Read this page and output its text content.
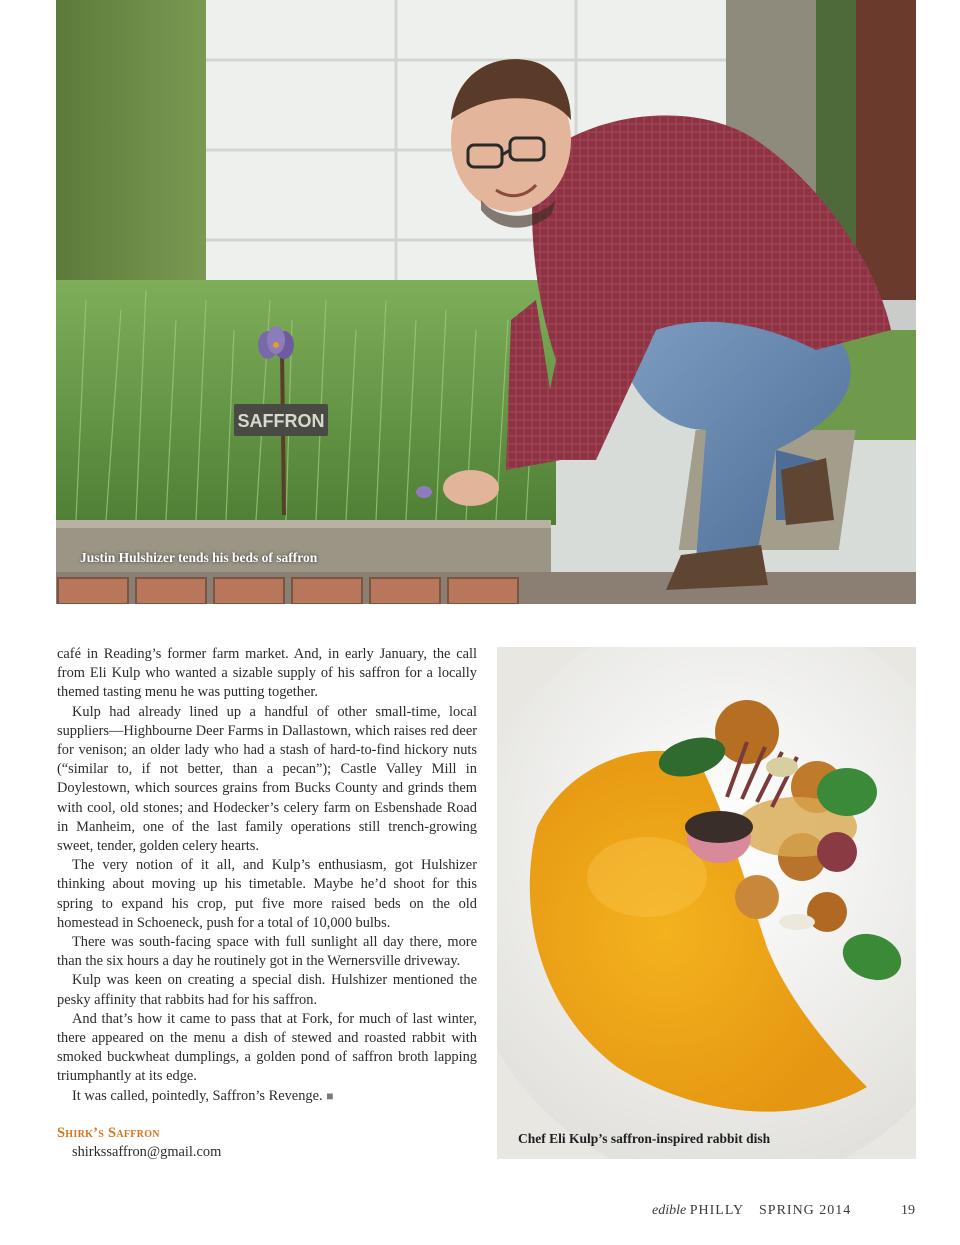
SAFFRON
Justin Hulshizer tends his beds of saffron

café in Reading’s former farm market. And, in early January, the call from Eli Kulp who wanted a sizable supply of his saffron for a locally themed tasting menu he was putting together.

Kulp had already lined up a handful of other small-time, local suppliers—Highbourne Deer Farms in Dallastown, which raises red deer for venison; an older lady who had a stash of hard-to-find hickory nuts (“similar to, if not better, than a pecan”); Castle Valley Mill in Doylestown, which sources grains from Bucks County and grinds them with cool, old stones; and Hodecker’s celery farm on Esbenshade Road in Manheim, one of the last family operations still trench-growing sweet, tender, golden celery hearts.

The very notion of it all, and Kulp’s enthusiasm, got Hulshizer thinking about moving up his timetable. Maybe he’d shoot for this spring to expand his crop, put five more raised beds on the old homestead in Schoeneck, push for a total of 10,000 bulbs.

There was south-facing space with full sunlight all day there, more than the six hours a day he routinely got in the Wernersville driveway.

Kulp was keen on creating a special dish. Hulshizer mentioned the pesky affinity that rabbits had for his saffron.

And that’s how it came to pass that at Fork, for much of last winter, there appeared on the menu a dish of stewed and roasted rabbit with smoked buckwheat dumplings, a golden pond of saffron broth lapping triumphantly at its edge.

It was called, pointedly, Saffron’s Revenge. ■

Shirk’s Saffron
shirkssaffron@gmail.com
Chef Eli Kulp’s saffron-inspired rabbit dish
edible PHILLY SPRING 2014	19
